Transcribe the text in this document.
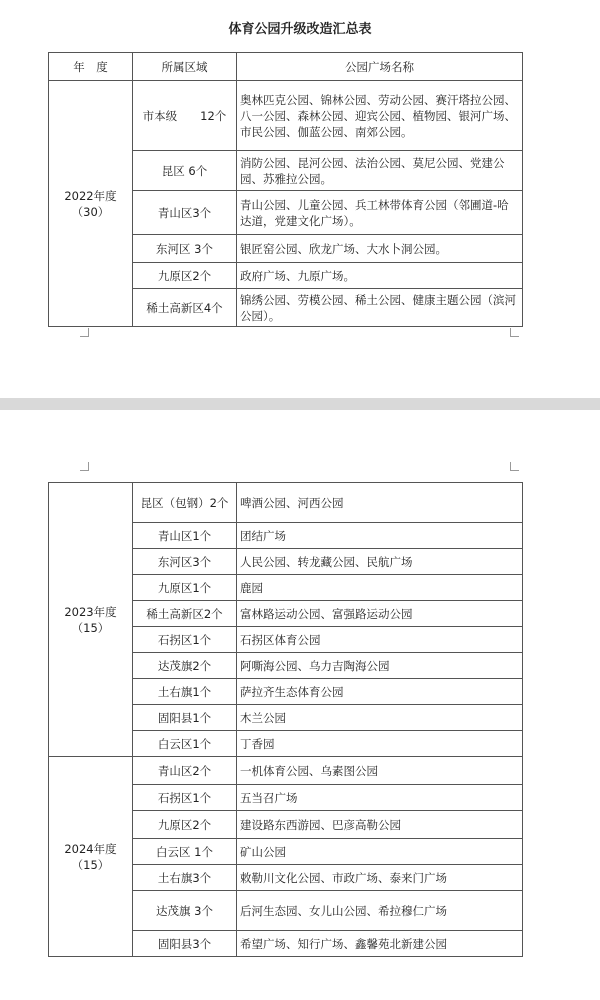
体育公园升级改造汇总表
年　度	所属区域	公园广场名称

2022年度
（30）	市本级　　12个	奥林匹克公园、锦林公园、劳动公园、赛汗塔拉公园、八一公园、森林公园、迎宾公园、植物园、银河广场、市民公园、伽蓝公园、南郊公园。
	昆区 6个	消防公园、昆河公园、法治公园、莫尼公园、党建公园、苏雅拉公园。
	青山区3个	青山公园、儿童公园、兵工林带体育公园（邻圃道-哈达道，党建文化广场）。
	东河区 3个	银匠窑公园、欣龙广场、大水卜洞公园。
	九原区2个	政府广场、九原广场。
	稀土高新区4个	锦绣公园、劳模公园、稀土公园、健康主题公园（滨河公园）。
2023年度
（15）	昆区（包钢）2个	啤酒公园、河西公园
	青山区1个	团结广场
	东河区3个	人民公园、转龙藏公园、民航广场
	九原区1个	鹿园
	稀土高新区2个	富林路运动公园、富强路运动公园
	石拐区1个	石拐区体育公园
	达茂旗2个	阿嘶海公园、乌力吉陶海公园
	土右旗1个	萨拉齐生态体育公园
	固阳县1个	木兰公园
	白云区1个	丁香园

2024年度
（15）	青山区2个	一机体育公园、乌素图公园
	石拐区1个	五当召广场
	九原区2个	建设路东西游园、巴彦高勒公园
	白云区 1个	矿山公园
	土右旗3个	敕勒川文化公园、市政广场、泰来门广场
	达茂旗 3个	后河生态园、女儿山公园、希拉穆仁广场
	固阳县3个	希望广场、知行广场、鑫馨苑北新建公园
